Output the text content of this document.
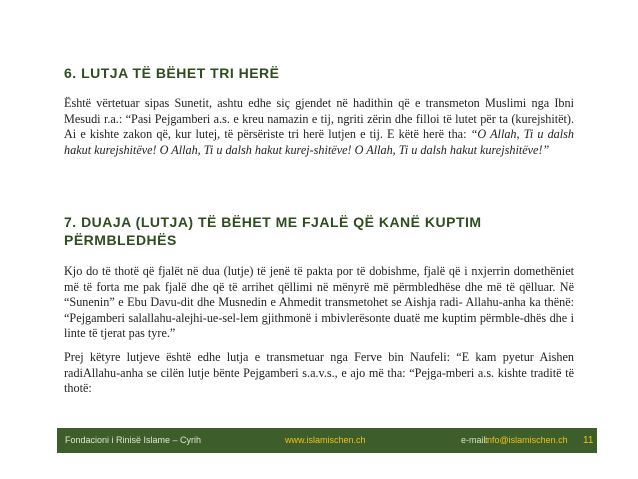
6. LUTJA TË BËHET TRI HERË

Është vërtetuar sipas Sunetit, ashtu edhe siç gjendet në hadithin që e transmeton Muslimi nga Ibni Mesudi r.a.: “Pasi Pejgamberi a.s. e kreu namazin e tij, ngriti zërin dhe filloi të lutet për ta (kurejshitët). Ai e kishte zakon që, kur lutej, të përsëriste tri herë lutjen e tij. E këtë herë tha: “O Allah, Ti u dalsh hakut kurejshitëve! O Allah, Ti u dalsh hakut kurej-shitëve! O Allah, Ti u dalsh hakut kurejshitëve!”

7. DUAJA (LUTJA) TË BËHET ME FJALË QË KANË KUPTIM PËRMBLEDHËS

Kjo do të thotë që fjalët në dua (lutje) të jenë të pakta por të dobishme, fjalë që i nxjerrin domethëniet më të forta me pak fjalë dhe që të arrihet qëllimi në mënyrë më përmbledhëse dhe më të qëlluar. Në “Sunenin” e Ebu Davu-dit dhe Musnedin e Ahmedit transmetohet se Aishja radi- Allahu-anha ka thënë: “Pejgamberi salallahu-alejhi-ue-sel-lem gjithmonë i mbivlerësonte duatë me kuptim përmble-dhës dhe i linte të tjerat pas tyre.”

Prej këtyre lutjeve është edhe lutja e transmetuar nga Ferve bin Naufeli: “E kam pyetur Aishen radiAllahu-anha se cilën lutje bënte Pejgamberi s.a.v.s., e ajo më tha: “Pejga-mberi a.s. kishte traditë të thotë:

Fondacioni i Rinisë Islame – Cyrih	www.islamischen.ch	e-mail:
info@islamischen.ch 11
